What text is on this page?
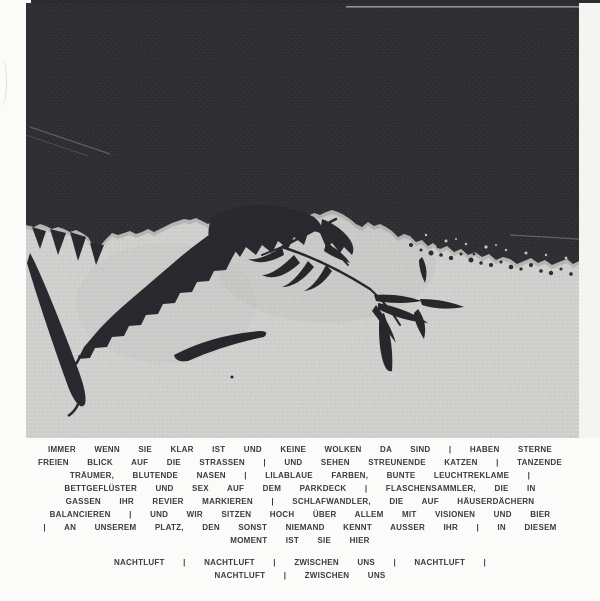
IMMER WENN SIE KLAR IST UND KEINE WOLKEN DA SIND | HABEN STERNE
FREIEN BLICK AUF DIE STRASSEN | UND SEHEN STREUNENDE KATZEN | TANZENDE
TRÄUMER, BLUTENDE NASEN | LILABLAUE FARBEN, BUNTE LEUCHTREKLAME |
BETTGEFLÜSTER UND SEX AUF DEM PARKDECK | FLASCHENSAMMLER, DIE IN
GASSEN IHR REVIER MARKIEREN | SCHLAFWANDLER, DIE AUF HÄUSERDÄCHERN
BALANCIEREN | UND WIR SITZEN HOCH ÜBER ALLEM MIT VISIONEN UND BIER
| AN UNSEREM PLATZ, DEN SONST NIEMAND KENNT AUSSER IHR | IN DIESEM
MOMENT IST SIE HIER
NACHTLUFT | NACHTLUFT | ZWISCHEN UNS | NACHTLUFT |
NACHTLUFT | ZWISCHEN UNS
